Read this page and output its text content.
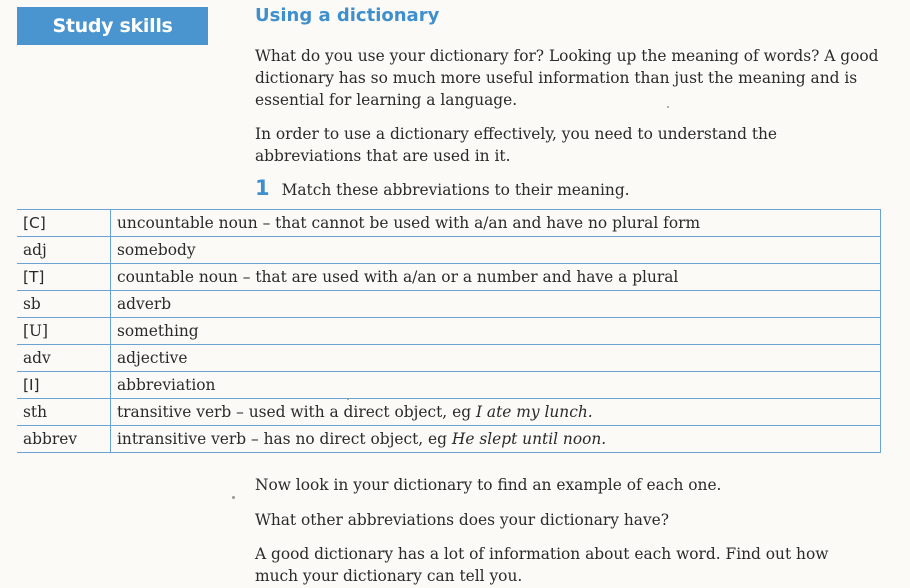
Study skills	Using a dictionary

What do you use your dictionary for? Looking up the meaning of words? A good dictionary has so much more useful information than just the meaning and is essential for learning a language.

In order to use a dictionary effectively, you need to understand the abbreviations that are used in it.

1 Match these abbreviations to their meaning.
[C]	uncountable noun – that cannot be used with a/an and have no plural form
adj	somebody
[T]	countable noun – that are used with a/an or a number and have a plural
sb	adverb
[U]	something
adv	adjective
[I]	abbreviation
sth	transitive verb – used with a direct object, eg I ate my lunch.
abbrev	intransitive verb – has no direct object, eg He slept until noon.

Now look in your dictionary to find an example of each one.

What other abbreviations does your dictionary have?

A good dictionary has a lot of information about each word. Find out how much your dictionary can tell you.
